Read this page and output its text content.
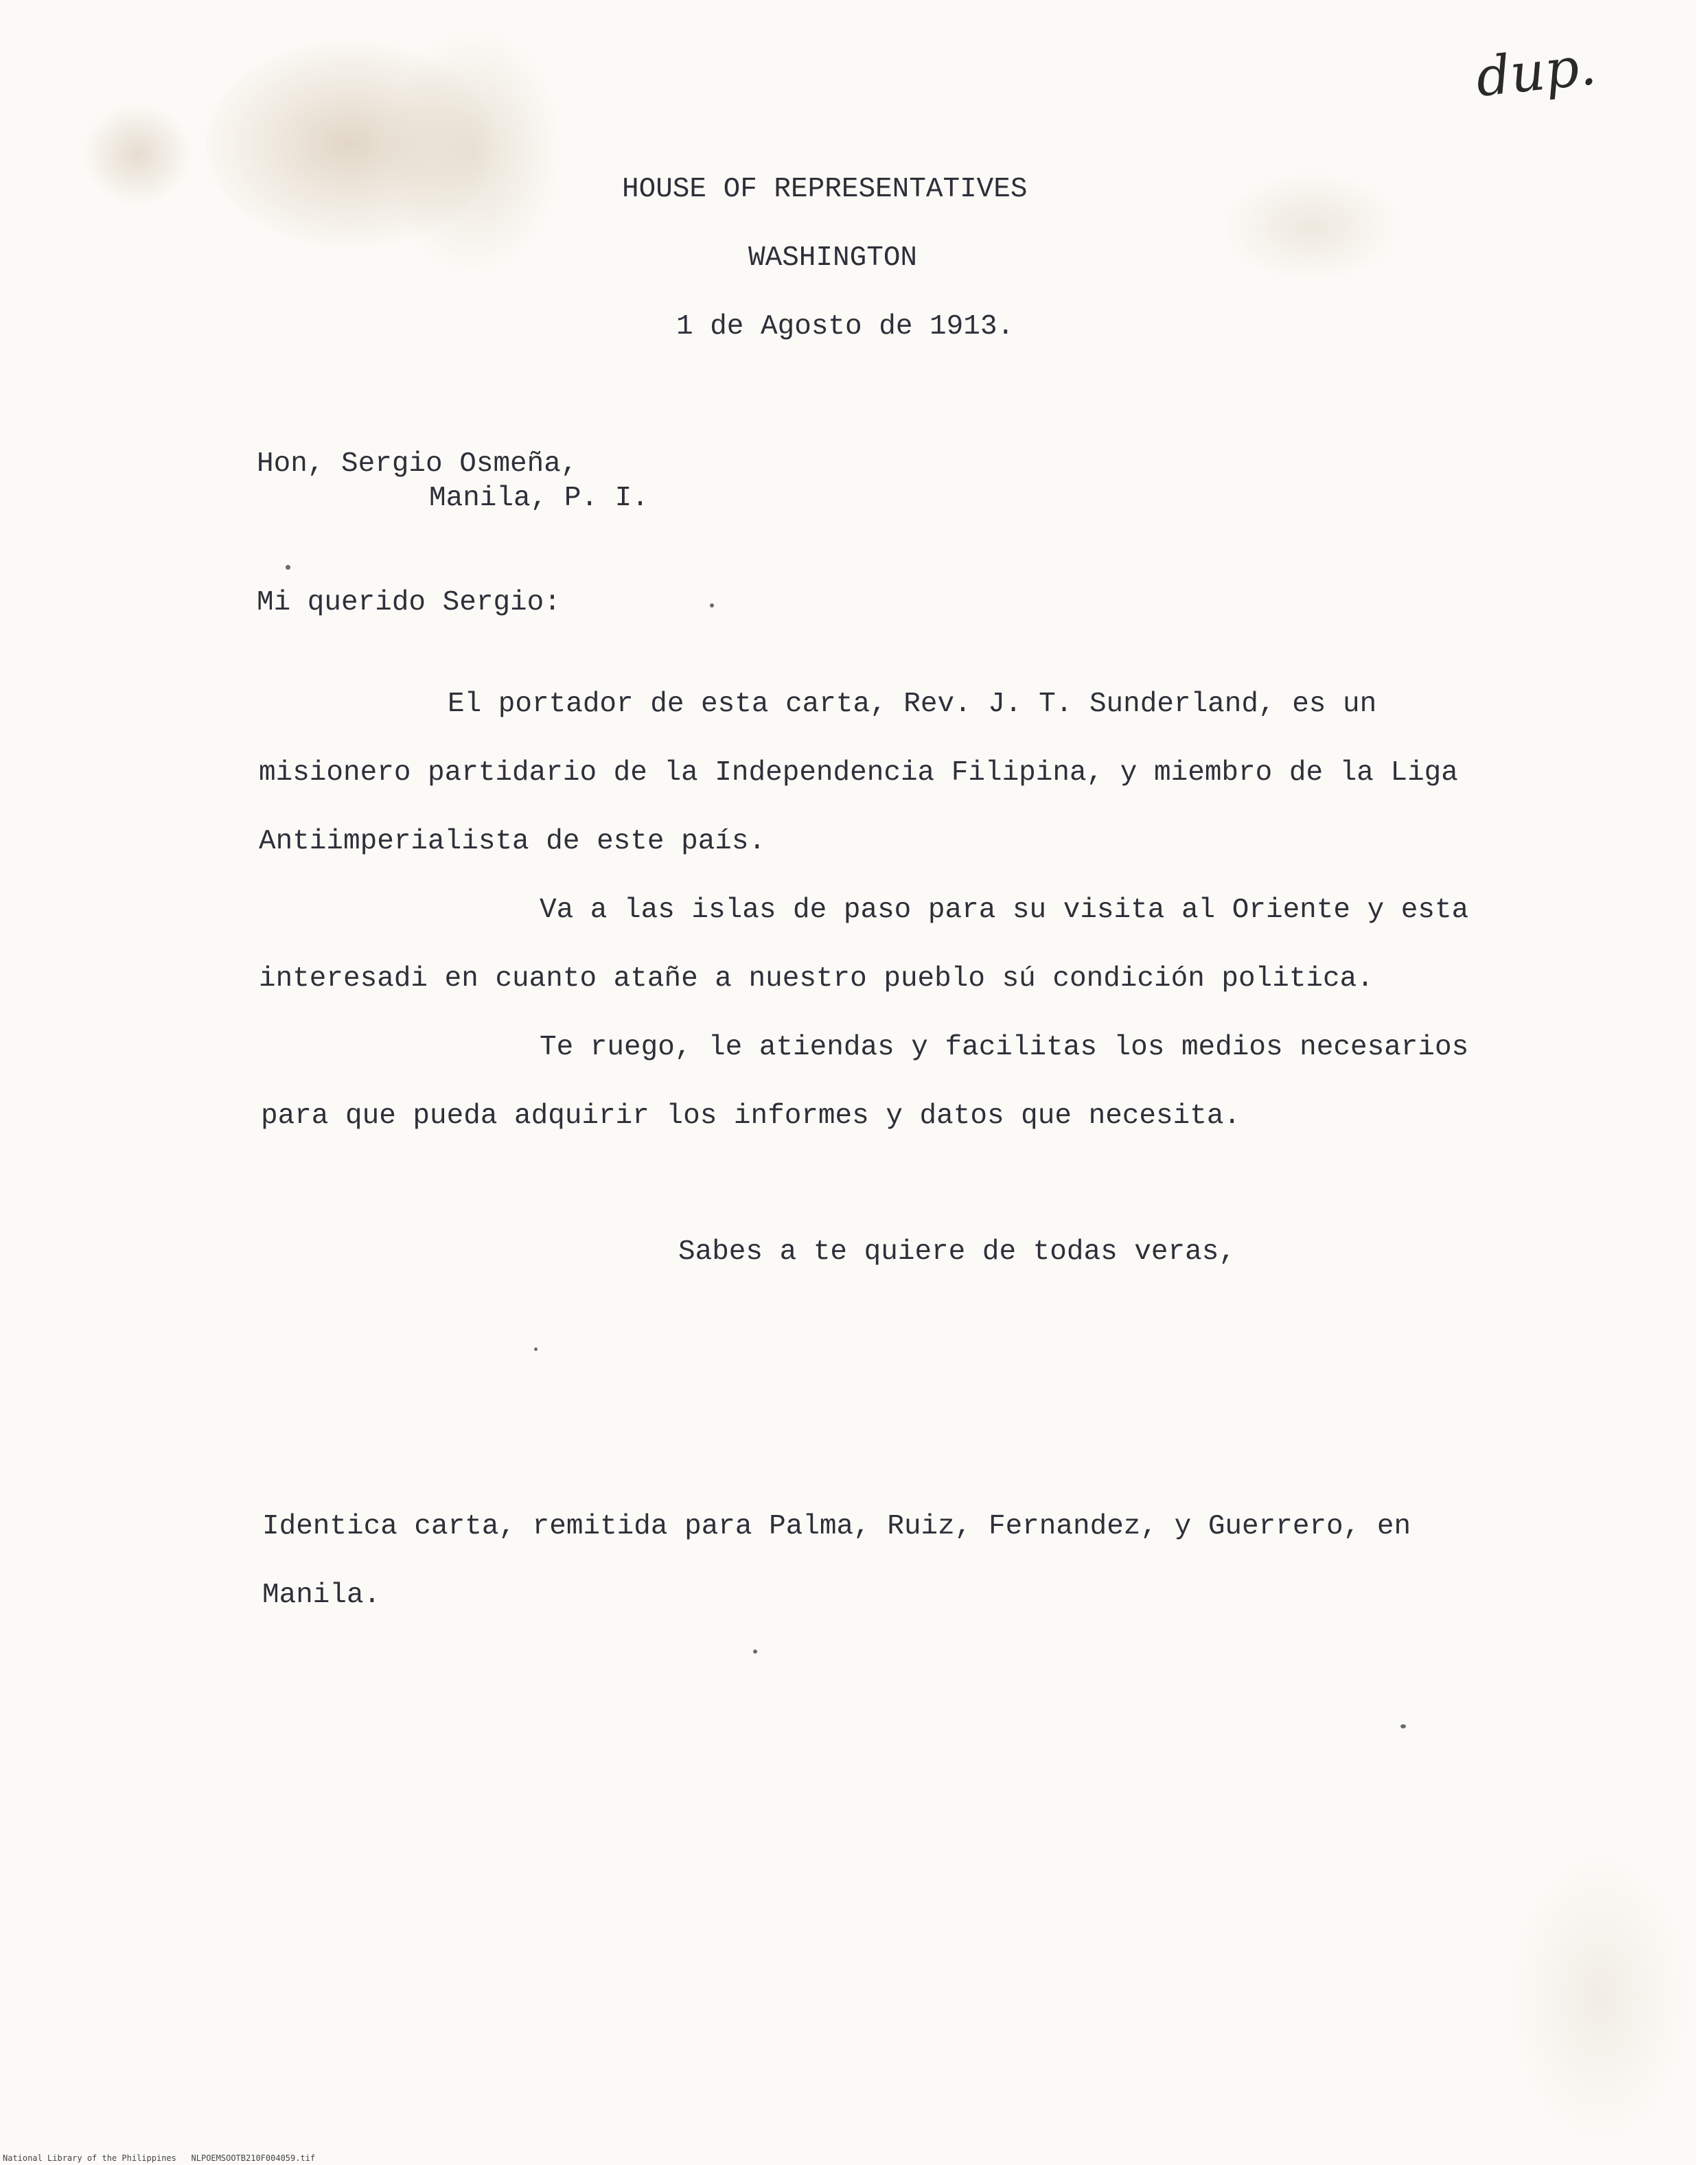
dup.
HOUSE OF REPRESENTATIVES
WASHINGTON
1 de Agosto de 1913.
Hon, Sergio Osmeña,
Manila, P. I.
Mi querido Sergio:
El portador de esta carta, Rev. J. T. Sunderland, es un
misionero partidario de la Independencia Filipina, y miembro de la Liga
Antiimperialista de este país.
Va a las islas de paso para su visita al Oriente y esta
interesadi en cuanto atañe a nuestro pueblo sú condición politica.
Te ruego, le atiendas y facilitas los medios necesarios
para que pueda adquirir los informes y datos que necesita.
Sabes a te quiere de todas veras,
Identica carta, remitida para Palma, Ruiz, Fernandez, y Guerrero, en
Manila.
National Library of the Philippines   NLPOEMSOOTB210F004059.tif
